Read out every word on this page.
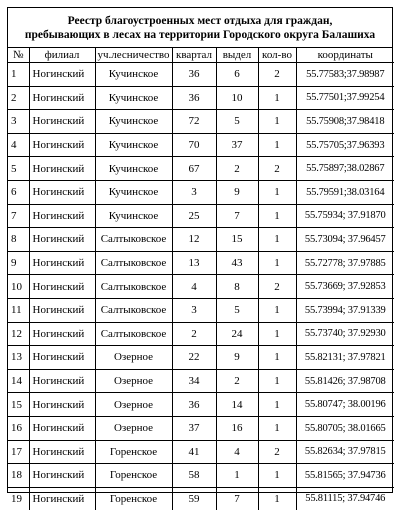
Реестр благоустроенных мест отдыха для граждан,
пребывающих в лесах на территории Городского округа Балашиха
№	филиал	уч.лесничество	квартал	выдел	кол-во	координаты
1	Ногинский	Кучинское	36	6	2	55.77583;37.98987
2	Ногинский	Кучинское	36	10	1	55.77501;37.99254
3	Ногинский	Кучинское	72	5	1	55.75908;37.98418
4	Ногинский	Кучинское	70	37	1	55.75705;37.96393
5	Ногинский	Кучинское	67	2	2	55.75897;38.02867
6	Ногинский	Кучинское	3	9	1	55.79591;38.03164
7	Ногинский	Кучинское	25	7	1	55.75934; 37.91870
8	Ногинский	Салтыковское	12	15	1	55.73094; 37.96457
9	Ногинский	Салтыковское	13	43	1	55.72778; 37.97885
10	Ногинский	Салтыковское	4	8	2	55.73669; 37.92853
11	Ногинский	Салтыковское	3	5	1	55.73994; 37.91339
12	Ногинский	Салтыковское	2	24	1	55.73740; 37.92930
13	Ногинский	Озерное	22	9	1	55.82131; 37.97821
14	Ногинский	Озерное	34	2	1	55.81426; 37.98708
15	Ногинский	Озерное	36	14	1	55.80747; 38.00196
16	Ногинский	Озерное	37	16	1	55.80705; 38.01665
17	Ногинский	Горенское	41	4	2	55.82634; 37.97815
18	Ногинский	Горенское	58	1	1	55.81565; 37.94736
19	Ногинский	Горенское	59	7	1	55.81115; 37.94746
